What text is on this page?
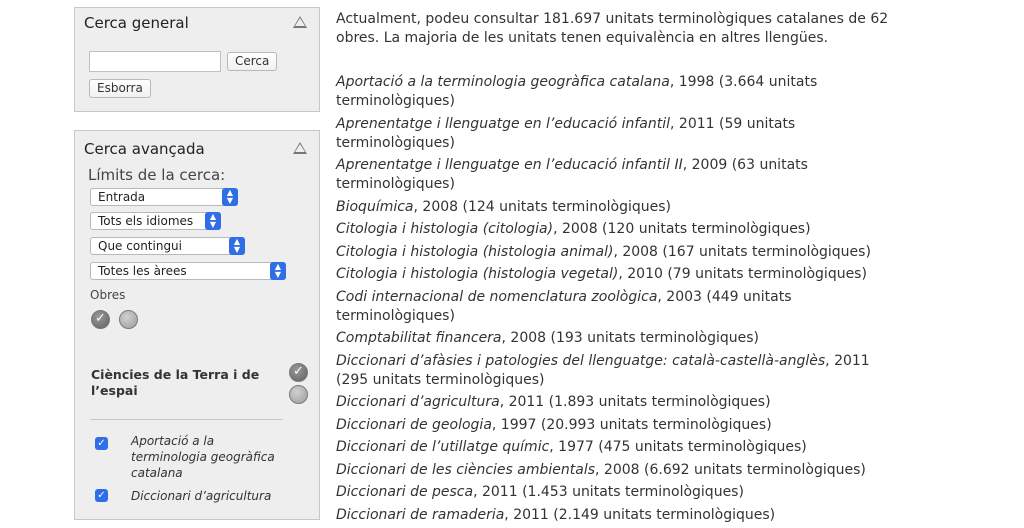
Cerca general
Cerca
Esborra
Cerca avançada
Límits de la cerca:
Entrada	▲
▼
Tots els idiomes	▲
▼
Que contingui	▲
▼
Totes les àrees	▲
▼
Obres
✓
Ciències de la Terra i de l’espai
✓
✓ Aportació a la terminologia geogràfica catalana
✓ Diccionari d’agricultura

Actualment, podeu consultar 181.697 unitats terminològiques catalanes de 62 obres. La majoria de les unitats tenen equivalència en altres llengües.

Aportació a la terminologia geogràfica catalana, 1998 (3.664 unitats terminològiques)
Aprenentatge i llenguatge en l’educació infantil, 2011 (59 unitats terminològiques)
Aprenentatge i llenguatge en l’educació infantil II, 2009 (63 unitats terminològiques)
Bioquímica, 2008 (124 unitats terminològiques)
Citologia i histologia (citologia), 2008 (120 unitats terminològiques)
Citologia i histologia (histologia animal), 2008 (167 unitats terminològiques)
Citologia i histologia (histologia vegetal), 2010 (79 unitats terminològiques)
Codi internacional de nomenclatura zoològica, 2003 (449 unitats terminològiques)
Comptabilitat financera, 2008 (193 unitats terminològiques)
Diccionari d’afàsies i patologies del llenguatge: català-castellà-anglès, 2011 (295 unitats terminològiques)
Diccionari d’agricultura, 2011 (1.893 unitats terminològiques)
Diccionari de geologia, 1997 (20.993 unitats terminològiques)
Diccionari de l’utillatge químic, 1977 (475 unitats terminològiques)
Diccionari de les ciències ambientals, 2008 (6.692 unitats terminològiques)
Diccionari de pesca, 2011 (1.453 unitats terminològiques)
Diccionari de ramaderia, 2011 (2.149 unitats terminològiques)
